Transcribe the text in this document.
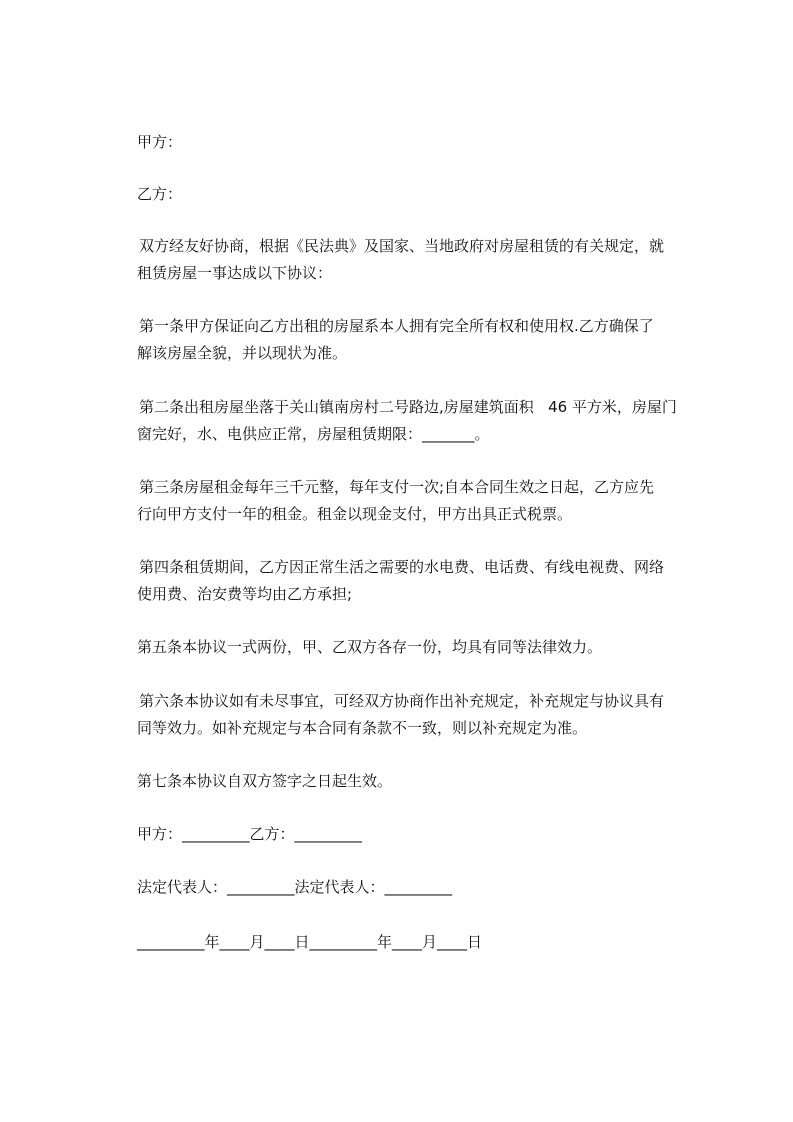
甲方：
乙方：
双方经友好协商，根据《民法典》及国家、当地政府对房屋租赁的有关规定，就
租赁房屋一事达成以下协议：
第一条甲方保证向乙方出租的房屋系本人拥有完全所有权和使用权.乙方确保了
解该房屋全貌，并以现状为准。
第二条出租房屋坐落于关山镇南房村二号路边,房屋建筑面积   46 平方米，房屋门
窗完好，水、电供应正常，房屋租赁期限：_______。
第三条房屋租金每年三千元整，每年支付一次;自本合同生效之日起，乙方应先
行向甲方支付一年的租金。租金以现金支付，甲方出具正式税票。
第四条租赁期间，乙方因正常生活之需要的水电费、电话费、有线电视费、网络
使用费、治安费等均由乙方承担;
第五条本协议一式两份，甲、乙双方各存一份，均具有同等法律效力。
第六条本协议如有未尽事宜，可经双方协商作出补充规定，补充规定与协议具有
同等效力。如补充规定与本合同有条款不一致，则以补充规定为准。
第七条本协议自双方签字之日起生效。
甲方：_________乙方：_________
法定代表人：_________法定代表人：_________
_________年____月____日_________年____月____日
